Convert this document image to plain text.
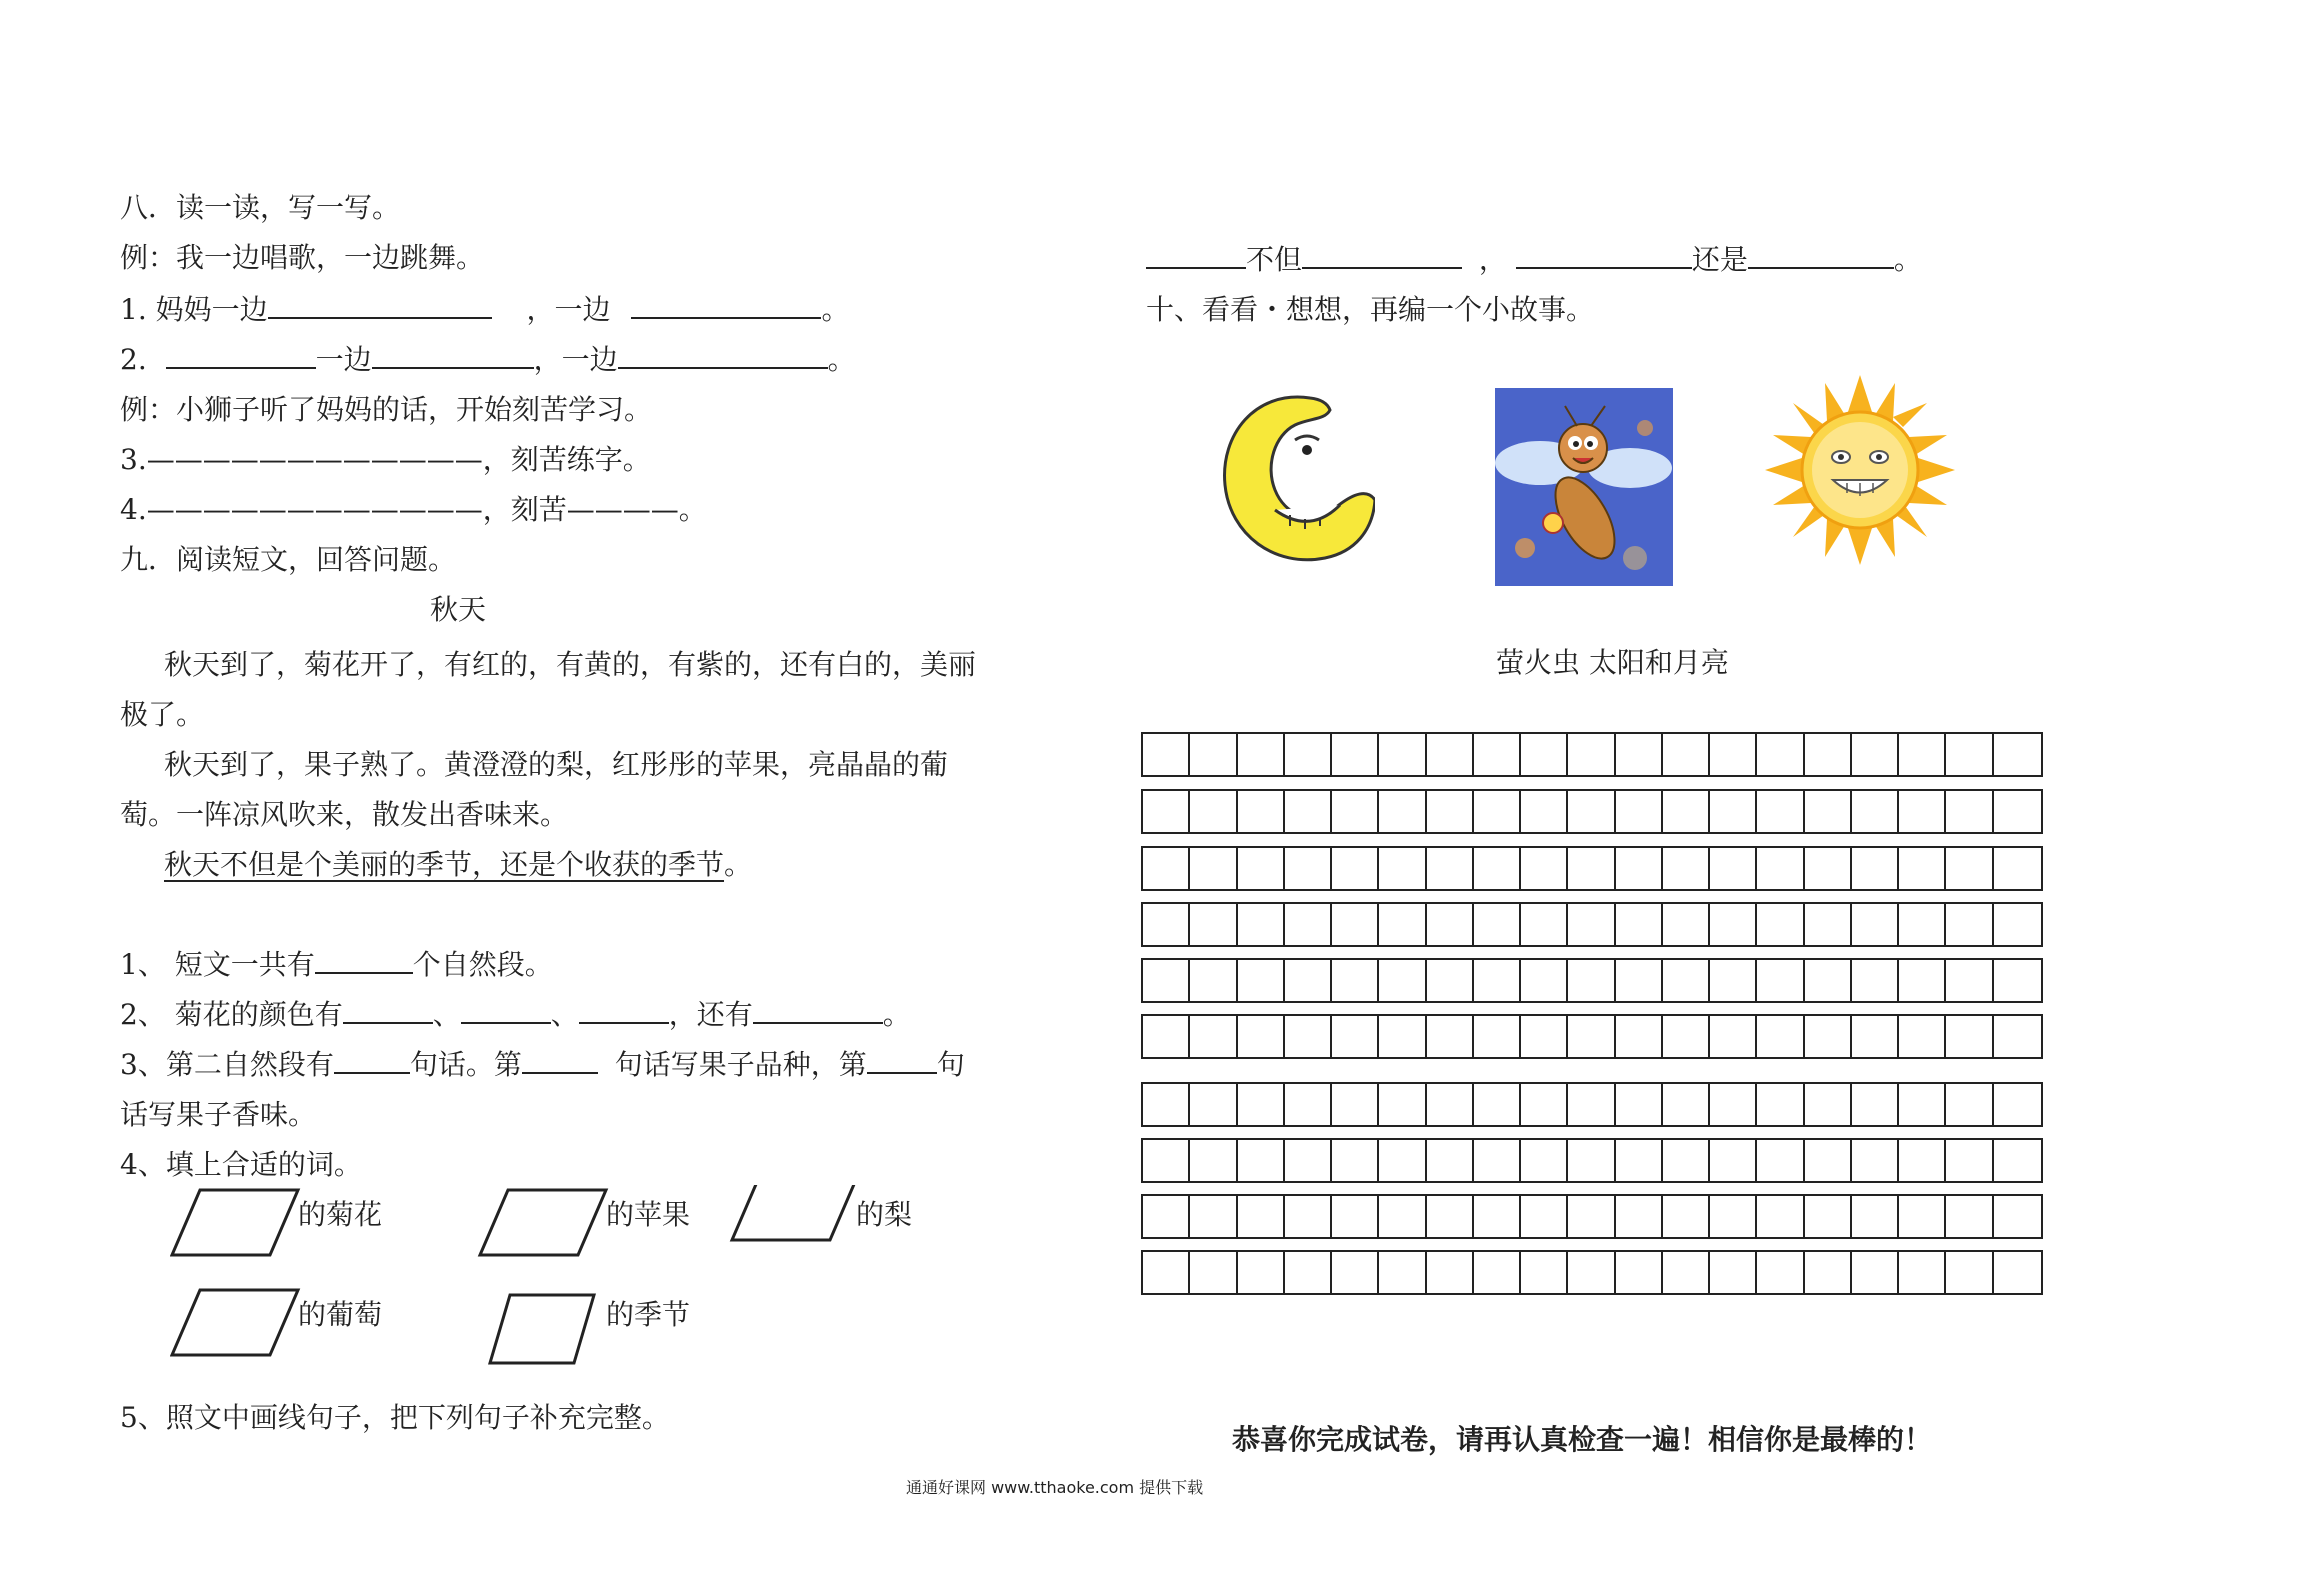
八．读一读，写一写。
例：我一边唱歌，一边跳舞。
1. 妈妈一边	，一边	。
2.	一边	，一边	。
例：小狮子听了妈妈的话，开始刻苦学习。
3.————————————，刻苦练字。
4.————————————，刻苦————。
九．阅读短文，回答问题。
秋天

秋天到了，菊花开了，有红的，有黄的，有紫的，还有白的，美丽极了。

秋天到了，果子熟了。黄澄澄的梨，红彤彤的苹果，亮晶晶的葡萄。一阵凉风吹来，散发出香味来。

秋天不但是个美丽的季节，还是个收获的季节。
1、 短文一共有	个自然段。
2、 菊花的颜色有	、	、	，还有	。
3、第二自然段有	句话。第	句话写果子品种，第	句
话写果子香味。
4、填上合适的词。
的菊花	的苹果	的梨
的葡萄	的季节
5、照文中画线句子，把下列句子补充完整。
不但	，	还是	。
十、看看・想想，再编一个小故事。
萤火虫 太阳和月亮
恭喜你完成试卷，请再认真检查一遍！相信你是最棒的！
通通好课网 www.tthaoke.com 提供下载
